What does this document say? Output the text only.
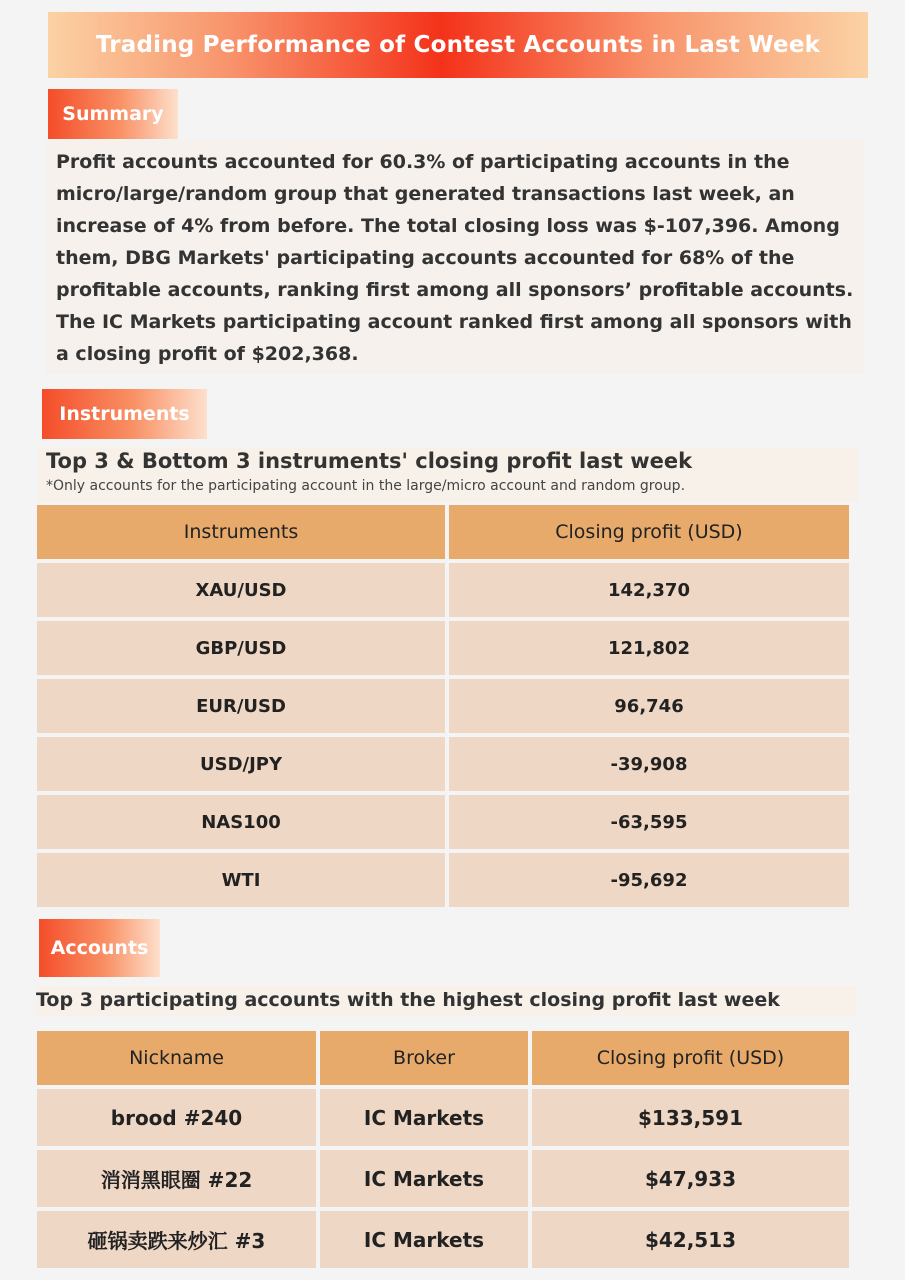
Trading Performance of Contest Accounts in Last Week
Summary
Profit accounts accounted for 60.3% of participating accounts in the micro/large/random group that generated transactions last week, an increase of 4% from before. The total closing loss was $-107,396. Among them, DBG Markets' participating accounts accounted for 68% of the profitable accounts, ranking first among all sponsors’ profitable accounts. The IC Markets participating account ranked first among all sponsors with a closing profit of $202,368.
Instruments
Top 3 & Bottom 3 instruments' closing profit last week
*Only accounts for the participating account in the large/micro account and random group.
Instruments	Closing profit (USD)
XAU/USD	142,370
GBP/USD	121,802
EUR/USD	96,746
USD/JPY	-39,908
NAS100	-63,595
WTI	-95,692
Accounts
Top 3 participating accounts with the highest closing profit last week
Nickname	Broker	Closing profit (USD)
brood #240	IC Markets	$133,591
消消黑眼圈 #22	IC Markets	$47,933
砸锅卖跌来炒汇 #3	IC Markets	$42,513
